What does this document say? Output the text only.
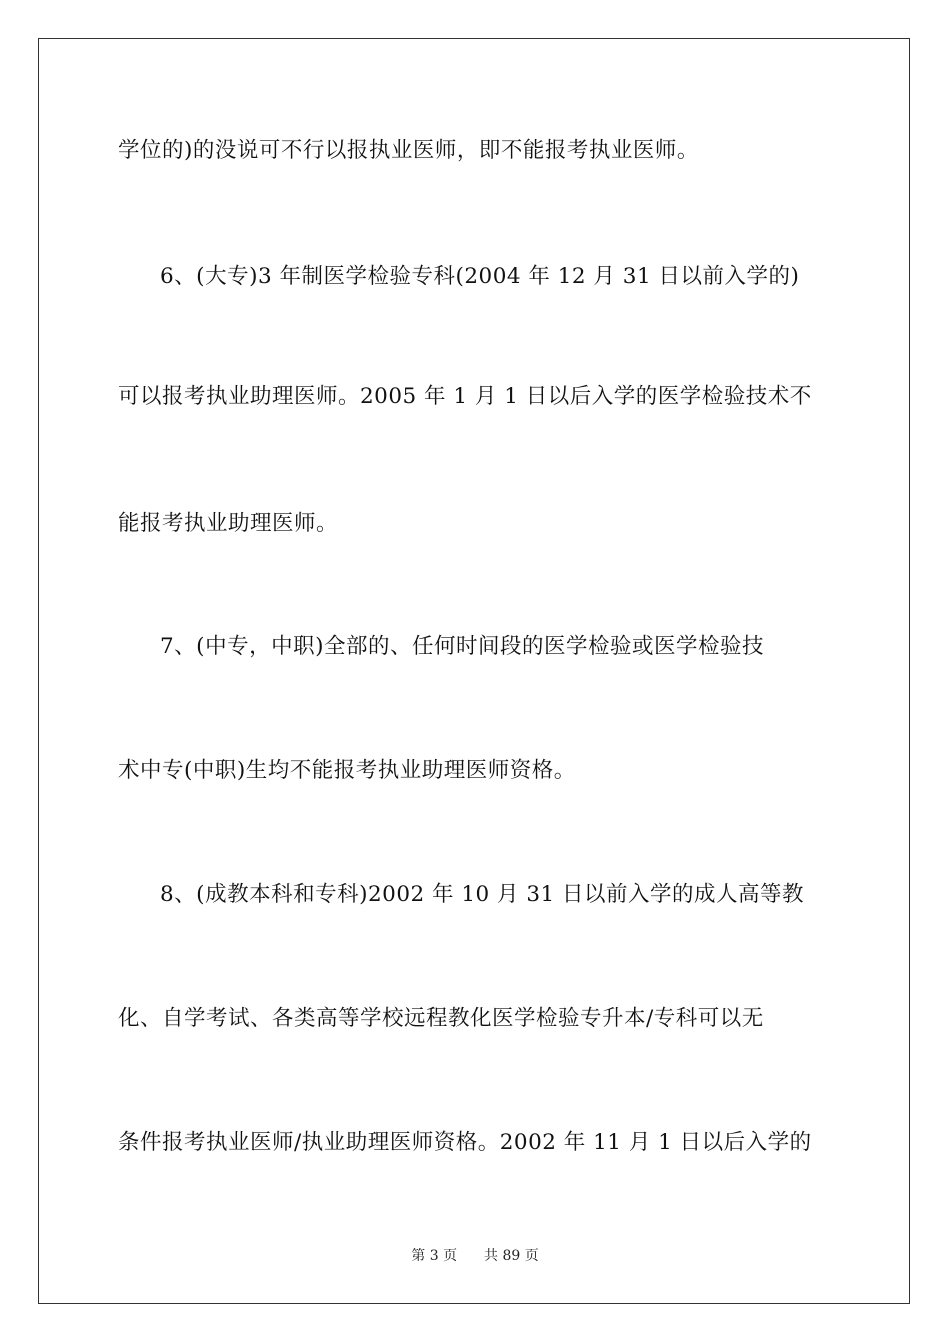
学位的)的没说可不行以报执业医师，即不能报考执业医师。
6、(大专)3 年制医学检验专科(2004 年 12 月 31 日以前入学的)
可以报考执业助理医师。2005 年 1 月 1 日以后入学的医学检验技术不
能报考执业助理医师。
7、(中专，中职)全部的、任何时间段的医学检验或医学检验技
术中专(中职)生均不能报考执业助理医师资格。
8、(成教本科和专科)2002 年 10 月 31 日以前入学的成人高等教
化、自学考试、各类高等学校远程教化医学检验专升本/专科可以无
条件报考执业医师/执业助理医师资格。2002 年 11 月 1 日以后入学的
第 3 页 共 89 页
